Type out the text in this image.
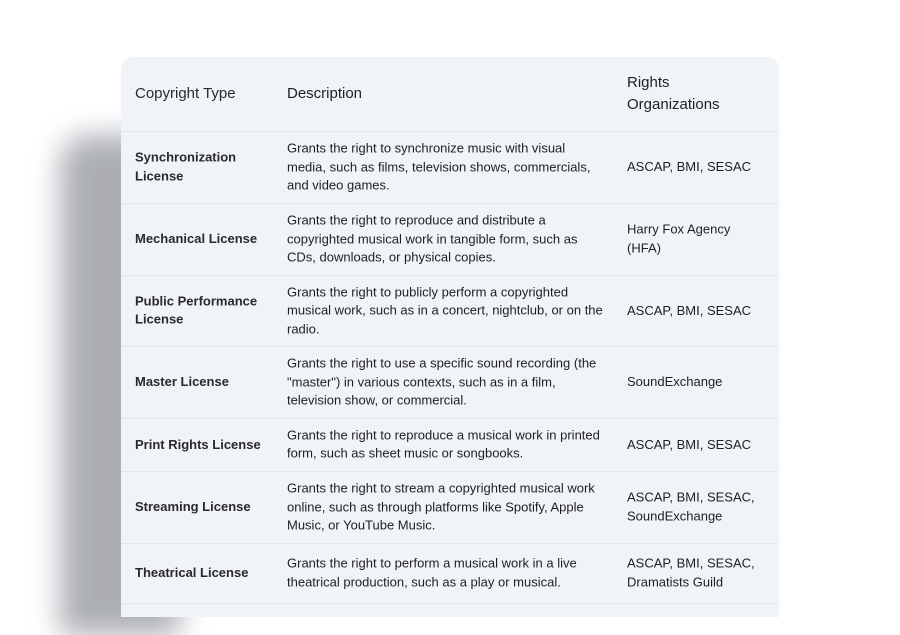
Copyright Type	Description
Rights Organizations
Synchronization License
Grants the right to synchronize music with visual media, such as films, television shows, commercials, and video games.
ASCAP, BMI, SESAC
Mechanical License
Grants the right to reproduce and distribute a copyrighted musical work in tangible form, such as CDs, downloads, or physical copies.
Harry Fox Agency (HFA)
Public Performance License
Grants the right to publicly perform a copyrighted musical work, such as in a concert, nightclub, or on the radio.
ASCAP, BMI, SESAC
Master License
Grants the right to use a specific sound recording (the "master") in various contexts, such as in a film, television show, or commercial.
SoundExchange
Print Rights License
Grants the right to reproduce a musical work in printed form, such as sheet music or songbooks.
ASCAP, BMI, SESAC
Streaming License
Grants the right to stream a copyrighted musical work online, such as through platforms like Spotify, Apple Music, or YouTube Music.
ASCAP, BMI, SESAC, SoundExchange
Theatrical License
Grants the right to perform a musical work in a live theatrical production, such as a play or musical.
ASCAP, BMI, SESAC, Dramatists Guild
